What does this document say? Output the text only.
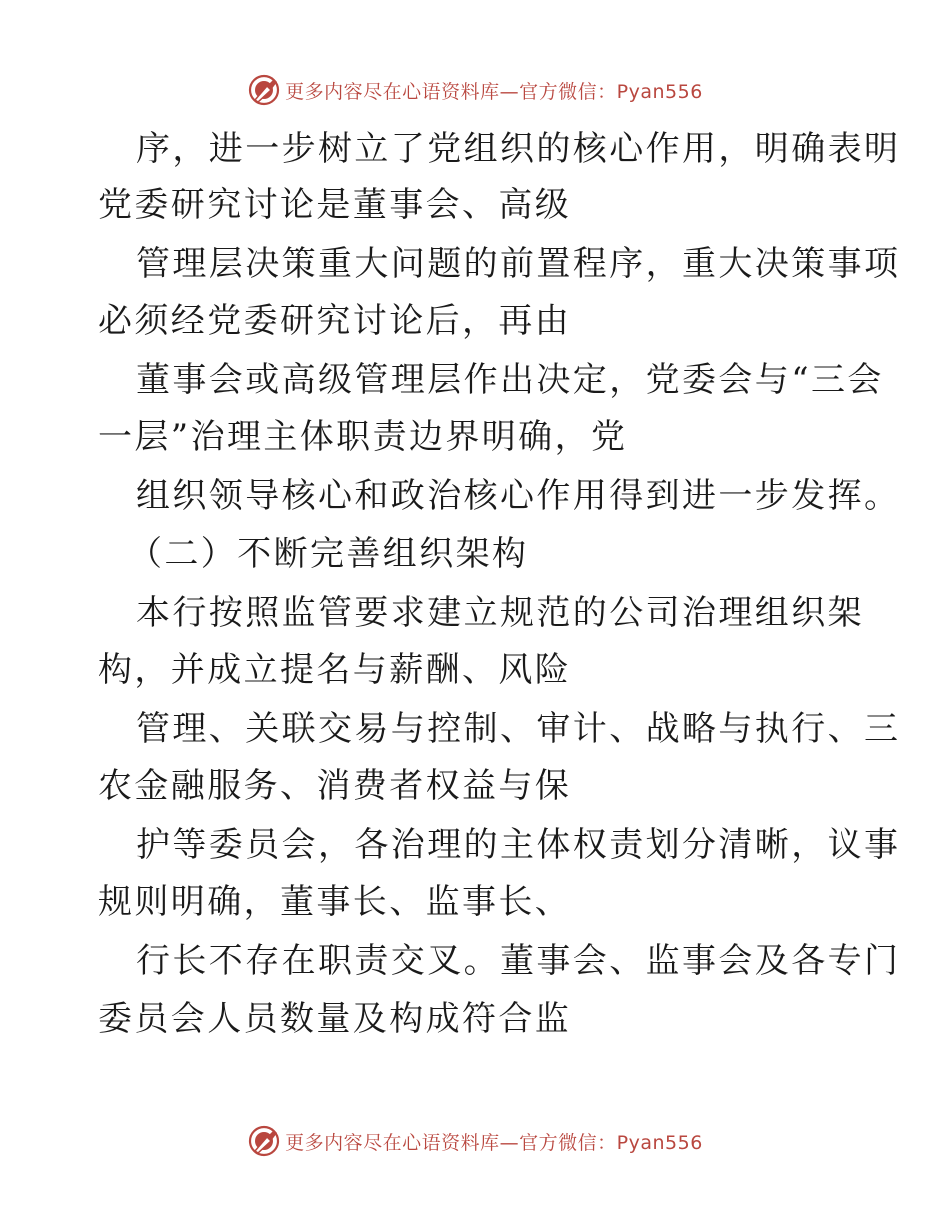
更多内容尽在心语资料库—官方微信：Pyan556
序，进一步树立了党组织的核心作用，明确表明
党委研究讨论是董事会、高级
管理层决策重大问题的前置程序，重大决策事项
必须经党委研究讨论后，再由
董事会或高级管理层作出决定，党委会与“三会
一层”治理主体职责边界明确，党
组织领导核心和政治核心作用得到进一步发挥。
（二）不断完善组织架构
本行按照监管要求建立规范的公司治理组织架
构，并成立提名与薪酬、风险
管理、关联交易与控制、审计、战略与执行、三
农金融服务、消费者权益与保
护等委员会，各治理的主体权责划分清晰，议事
规则明确，董事长、监事长、
行长不存在职责交叉。董事会、监事会及各专门
委员会人员数量及构成符合监
更多内容尽在心语资料库—官方微信：Pyan556
